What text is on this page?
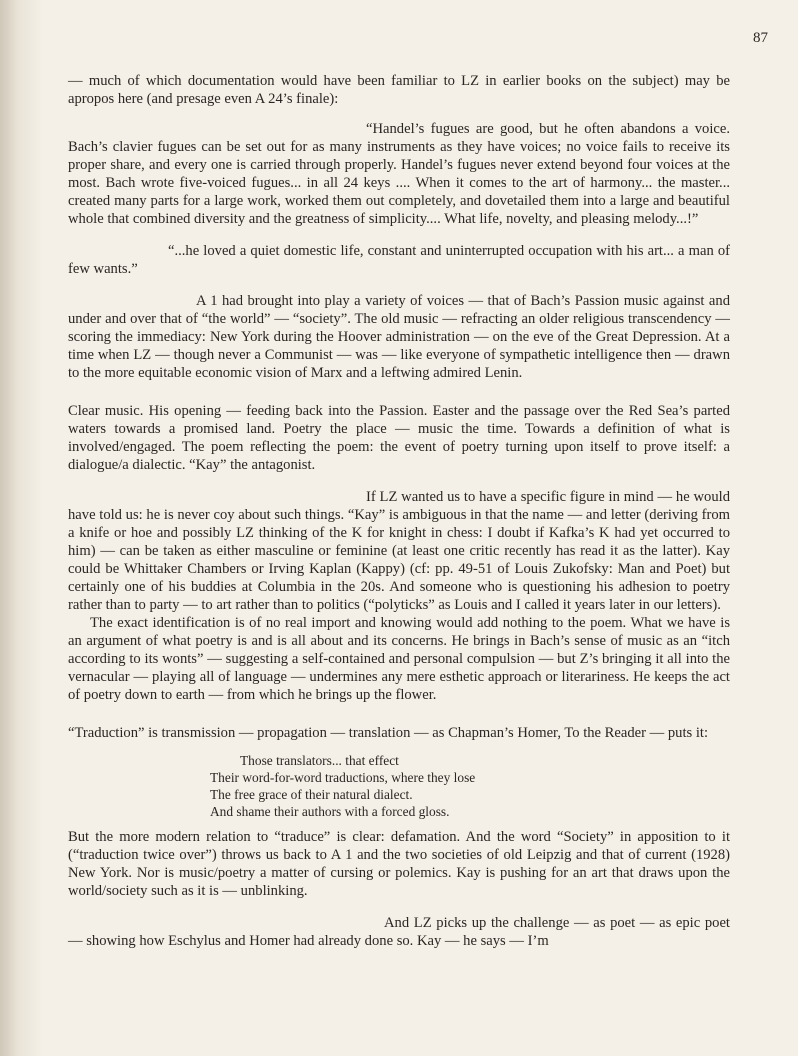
87

— much of which documentation would have been familiar to LZ in earlier books on the subject) may be apropos here (and presage even A 24’s finale):

“Handel’s fugues are good, but he often abandons a voice. Bach’s clavier fugues can be set out for as many instruments as they have voices; no voice fails to receive its proper share, and every one is carried through properly. Handel’s fugues never extend beyond four voices at the most. Bach wrote five-voiced fugues... in all 24 keys .... When it comes to the art of harmony... the master... created many parts for a large work, worked them out completely, and dovetailed them into a large and beautiful whole that combined diversity and the greatness of simplicity.... What life, novelty, and pleasing melody...!”

“...he loved a quiet domestic life, constant and uninterrupted occupation with his art... a man of few wants.”

A 1 had brought into play a variety of voices — that of Bach’s Passion music against and under and over that of “the world” — “society”. The old music — refracting an older religious transcendency — scoring the immediacy: New York during the Hoover administration — on the eve of the Great Depression. At a time when LZ — though never a Communist — was — like everyone of sympathetic intelligence then — drawn to the more equitable economic vision of Marx and a leftwing admired Lenin.

Clear music. His opening — feeding back into the Passion. Easter and the passage over the Red Sea’s parted waters towards a promised land. Poetry the place — music the time. Towards a definition of what is involved/engaged. The poem reflecting the poem: the event of poetry turning upon itself to prove itself: a dialogue/a dialectic. “Kay” the antagonist.

If LZ wanted us to have a specific figure in mind — he would have told us: he is never coy about such things. “Kay” is ambiguous in that the name — and letter (deriving from a knife or hoe and possibly LZ thinking of the K for knight in chess: I doubt if Kafka’s K had yet occurred to him) — can be taken as either masculine or feminine (at least one critic recently has read it as the latter). Kay could be Whittaker Chambers or Irving Kaplan (Kappy) (cf: pp. 49-51 of Louis Zukofsky: Man and Poet) but certainly one of his buddies at Columbia in the 20s. And someone who is questioning his adhesion to poetry rather than to party — to art rather than to politics (“polyticks” as Louis and I called it years later in our letters).

The exact identification is of no real import and knowing would add nothing to the poem. What we have is an argument of what poetry is and is all about and its concerns. He brings in Bach’s sense of music as an “itch according to its wonts” — suggesting a self-contained and personal compulsion — but Z’s bringing it all into the vernacular — playing all of language — undermines any mere esthetic approach or literariness. He keeps the act of poetry down to earth — from which he brings up the flower.

“Traduction” is transmission — propagation — translation — as Chapman’s Homer, To the Reader — puts it:

Those translators... that effect
Their word-for-word traductions, where they lose
The free grace of their natural dialect.
And shame their authors with a forced gloss.

But the more modern relation to “traduce” is clear: defamation. And the word “Society” in apposition to it (“traduction twice over”) throws us back to A 1 and the two societies of old Leipzig and that of current (1928) New York. Nor is music/poetry a matter of cursing or polemics. Kay is pushing for an art that draws upon the world/society such as it is — unblinking.

And LZ picks up the challenge — as poet — as epic poet — showing how Eschylus and Homer had already done so. Kay — he says — I’m
